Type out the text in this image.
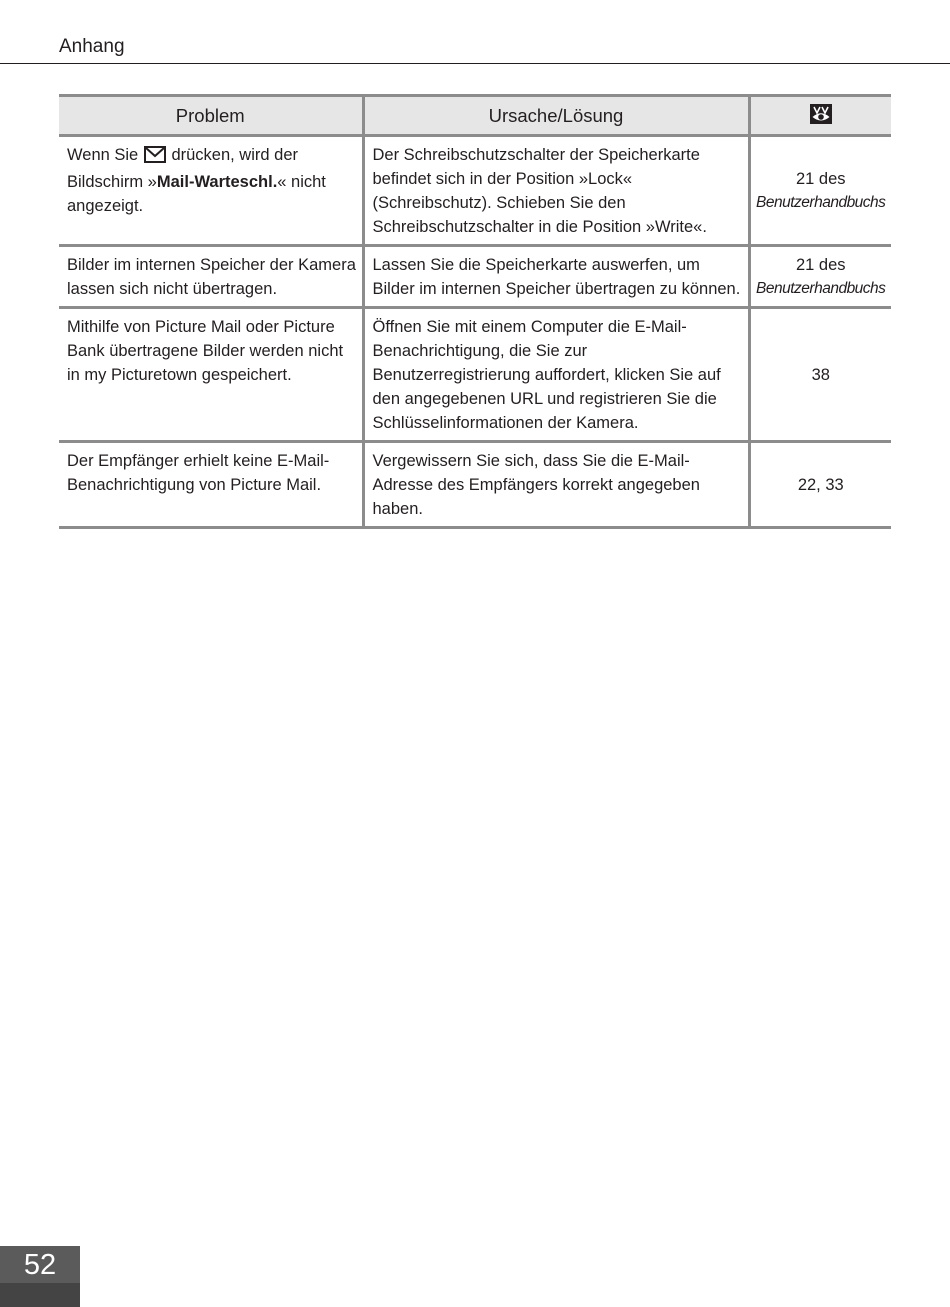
Anhang
Problem	Ursache/Lösung	
Wenn Sie drücken, wird der Bildschirm »Mail-Warteschl.« nicht angezeigt.	Der Schreibschutzschalter der Speicherkarte befindet sich in der Position »Lock« (Schreibschutz). Schieben Sie den Schreibschutzschalter in die Position »Write«.	21 des
Benutzerhandbuchs

Bilder im internen Speicher der Kamera lassen sich nicht übertragen.	Lassen Sie die Speicherkarte auswerfen, um Bilder im internen Speicher übertragen zu können.	21 des
Benutzerhandbuchs

Mithilfe von Picture Mail oder Picture Bank übertragene Bilder werden nicht in my Picturetown gespeichert.	Öffnen Sie mit einem Computer die E-Mail-Benachrichtigung, die Sie zur Benutzerregistrierung auffordert, klicken Sie auf den angegebenen URL und registrieren Sie die Schlüsselinformationen der Kamera.	38
Der Empfänger erhielt keine E-Mail-Benachrichtigung von Picture Mail.	Vergewissern Sie sich, dass Sie die E-Mail-Adresse des Empfängers korrekt angegeben haben.	22, 33
52
